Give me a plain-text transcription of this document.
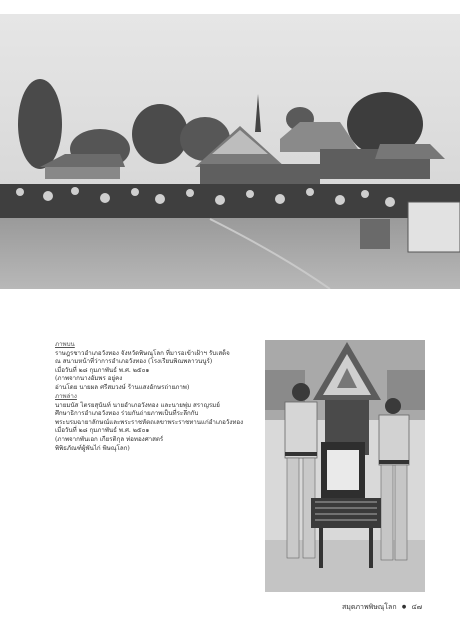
ภาพบน
ราษฎรชาวอำเภอวังทอง จังหวัดพิษณุโลก ที่มารอเข้าเฝ้าฯ รับเสด็จ
ณ สนามหน้าที่ว่าการอำเภอวังทอง (โรงเรียนพิณพลาวนนูร์)
เมื่อวันที่ ๒๘ กุมภาพันธ์ พ.ศ. ๒๕๐๑
(ภาพจากนางอัมพร อยู่คง
อ่านโดย นายผล ศรีสมวงษ์ ร้านแสงอักษรถ่ายภาพ)
ภาพล่าง
นายมนัส ไตรยสุนันท์ นายอำเภอวังทอง และนายพุ่ม สราญรมย์
ศึกษาธิการอำเภอวังทอง ร่วมกันถ่ายภาพเป็นที่ระลึกกับ
พระบรมฉายาลักษณ์และพระราชหัตถเลขาพระราชทานแก่อำเภอวังทอง
เมื่อวันที่ ๒๘ กุมภาพันธ์ พ.ศ. ๒๕๐๑
(ภาพจากพันเอก เกียรติกุล ท่อทองศาสตร์
พิพิธภัณฑ์ผู้พันไก่ พิษณุโลก)
สมุดภาพพิษณุโลก ● ๔๗
